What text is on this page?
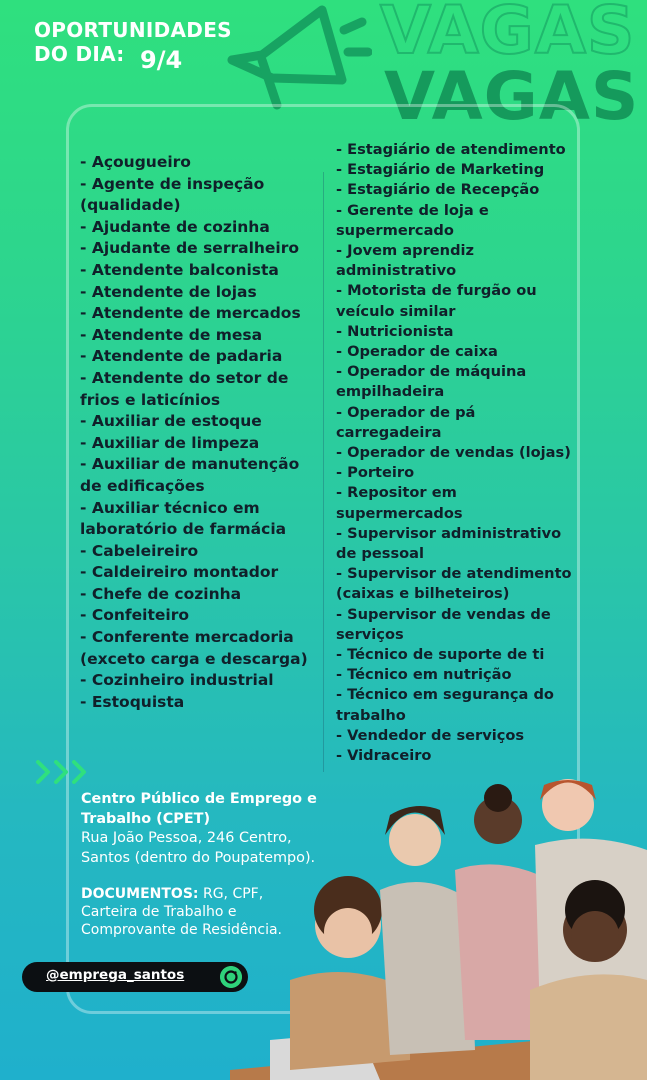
OPORTUNIDADES
DO DIA: 9/4	VAGAS
VAGAS
- Açougueiro
- Agente de inspeção (qualidade)
- Ajudante de cozinha
- Ajudante de serralheiro
- Atendente balconista
- Atendente de lojas
- Atendente de mercados
- Atendente de mesa
- Atendente de padaria
- Atendente do setor de frios e laticínios
- Auxiliar de estoque
- Auxiliar de limpeza
- Auxiliar de manutenção de edificações
- Auxiliar técnico em laboratório de farmácia
- Cabeleireiro
- Caldeireiro montador
- Chefe de cozinha
- Confeiteiro
- Conferente mercadoria (exceto carga e descarga)
- Cozinheiro industrial
- Estoquista
- Estagiário de atendimento
- Estagiário de Marketing
- Estagiário de Recepção
- Gerente de loja e supermercado
- Jovem aprendiz administrativo
- Motorista de furgão ou veículo similar
- Nutricionista
- Operador de caixa
- Operador de máquina empilhadeira
- Operador de pá carregadeira
- Operador de vendas (lojas)
- Porteiro
- Repositor em supermercados
- Supervisor administrativo de pessoal
- Supervisor de atendimento (caixas e bilheteiros)
- Supervisor de vendas de serviços
- Técnico de suporte de ti
- Técnico em nutrição
- Técnico em segurança do trabalho
- Vendedor de serviços
- Vidraceiro
Centro Público de Emprego e Trabalho (CPET)
Rua João Pessoa, 246 Centro, Santos (dentro do Poupatempo).
DOCUMENTOS: RG, CPF, Carteira de Trabalho e Comprovante de Residência.
@emprega_santos
